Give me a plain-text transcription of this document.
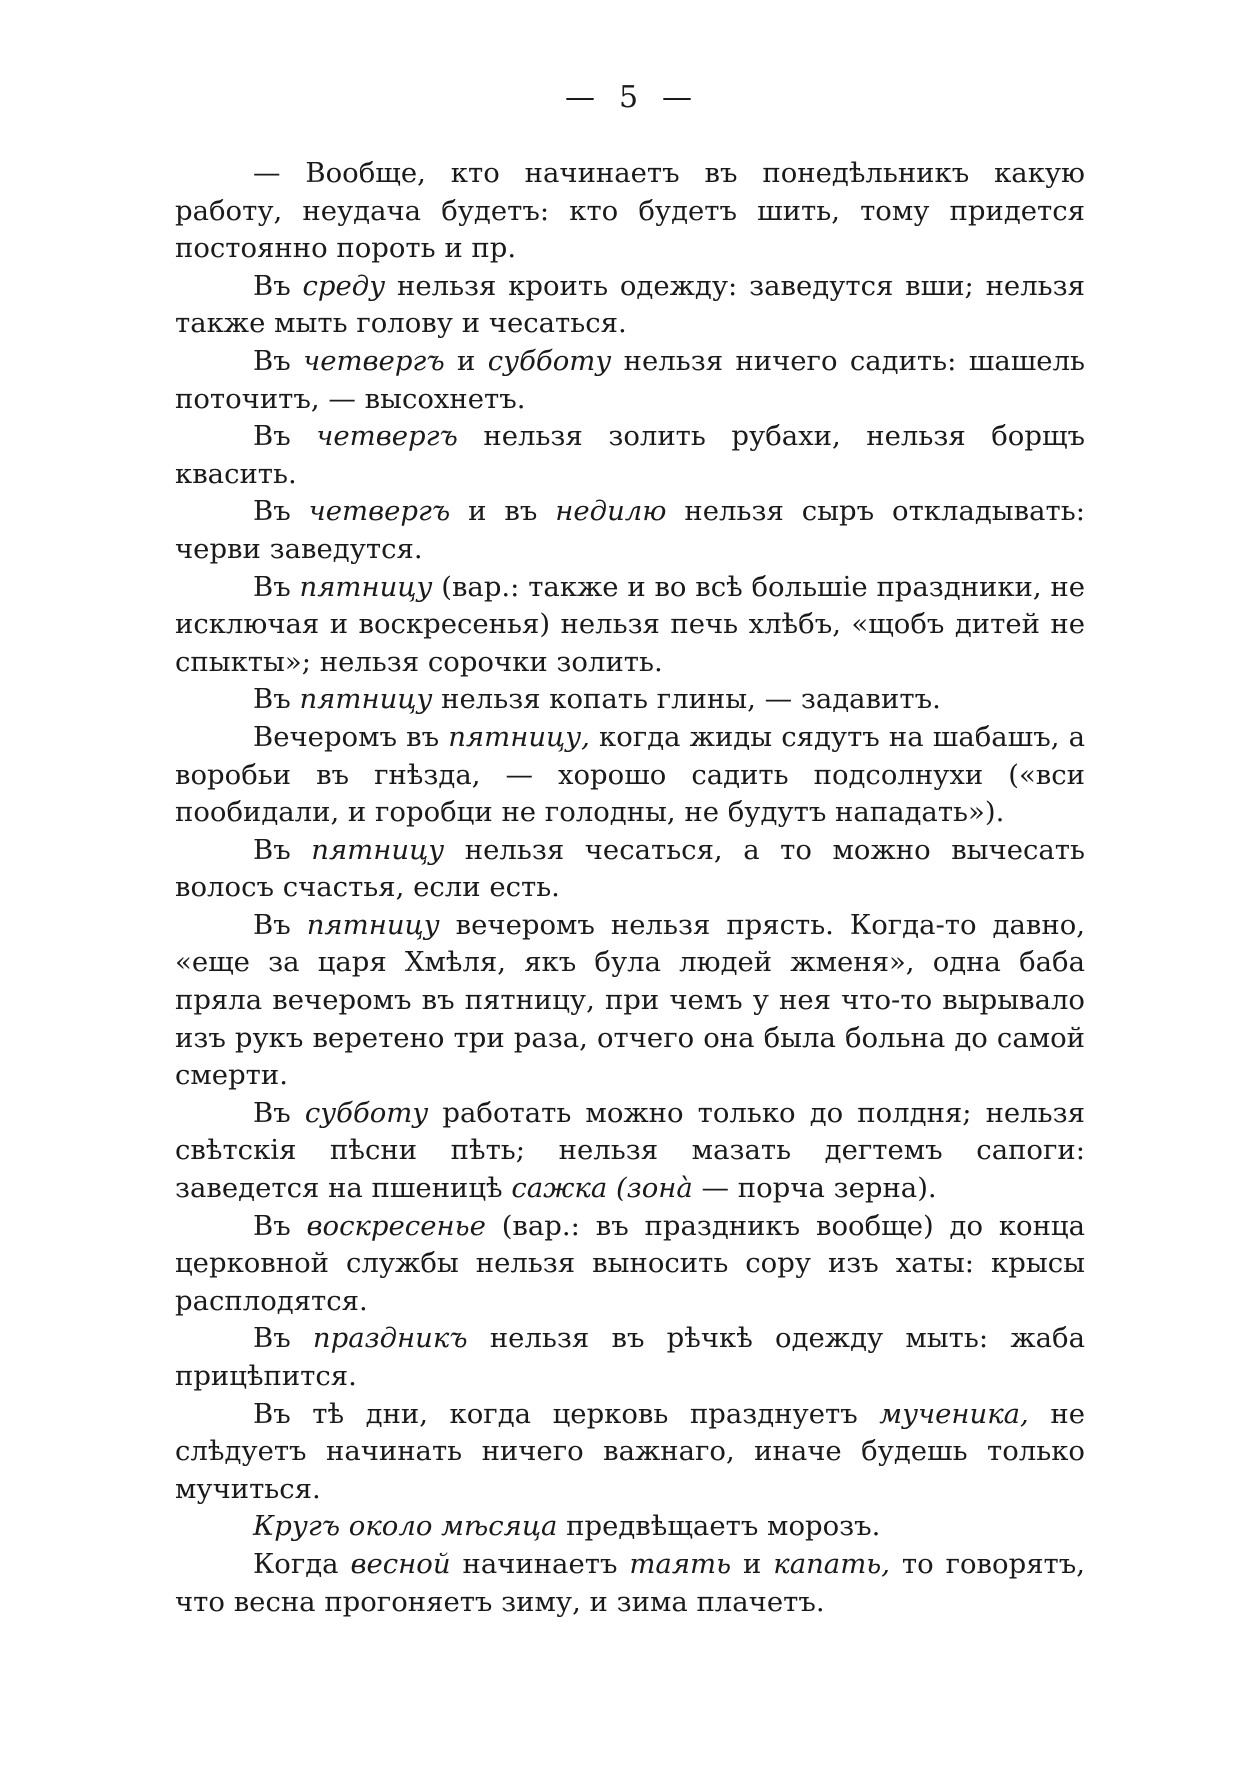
— 5 —

— Вообще, кто начинаетъ въ понедѣльникъ какую работу, неудача будетъ: кто будетъ шить, тому придется постоянно пороть и пр.

Въ среду нельзя кроить одежду: заведутся вши; нельзя также мыть голову и чесаться.

Въ четвергъ и субботу нельзя ничего садить: шашель поточитъ, — высохнетъ.

Въ четвергъ нельзя золить рубахи, нельзя борщъ квасить.

Въ четвергъ и въ недилю нельзя сыръ откладывать: черви заведутся.

Въ пятницу (вар.: также и во всѣ большіе праздники, не исключая и воскресенья) нельзя печь хлѣбъ, «щобъ дитей не спыкты»; нельзя сорочки золить.

Въ пятницу нельзя копать глины, — задавитъ.

Вечеромъ въ пятницу, когда жиды сядутъ на шабашъ, а воробьи въ гнѣзда, — хорошо садить подсолнухи («вси пообидали, и горобци не голодны, не будутъ нападать»).

Въ пятницу нельзя чесаться, а то можно вычесать волосъ счастья, если есть.

Въ пятницу вечеромъ нельзя прясть. Когда-то давно, «еще за царя Хмѣля, якъ була людей жменя», одна баба пряла вечеромъ въ пятницу, при чемъ у нея что-то вырывало изъ рукъ веретено три раза, отчего она была больна до самой смерти.

Въ субботу работать можно только до полдня; нельзя свѣтскія пѣсни пѣть; нельзя мазать дегтемъ сапоги: заведется на пшеницѣ сажка (зона̀ — порча зерна).

Въ воскресенье (вар.: въ праздникъ вообще) до конца церковной службы нельзя выносить сору изъ хаты: крысы расплодятся.

Въ праздникъ нельзя въ рѣчкѣ одежду мыть: жаба прицѣпится.

Въ тѣ дни, когда церковь празднуетъ мученика, не слѣдуетъ начинать ничего важнаго, иначе будешь только мучиться.

Кругъ около мѣсяца предвѣщаетъ морозъ.

Когда весной начинаетъ таять и капать, то говорятъ, что весна прогоняетъ зиму, и зима плачетъ.
